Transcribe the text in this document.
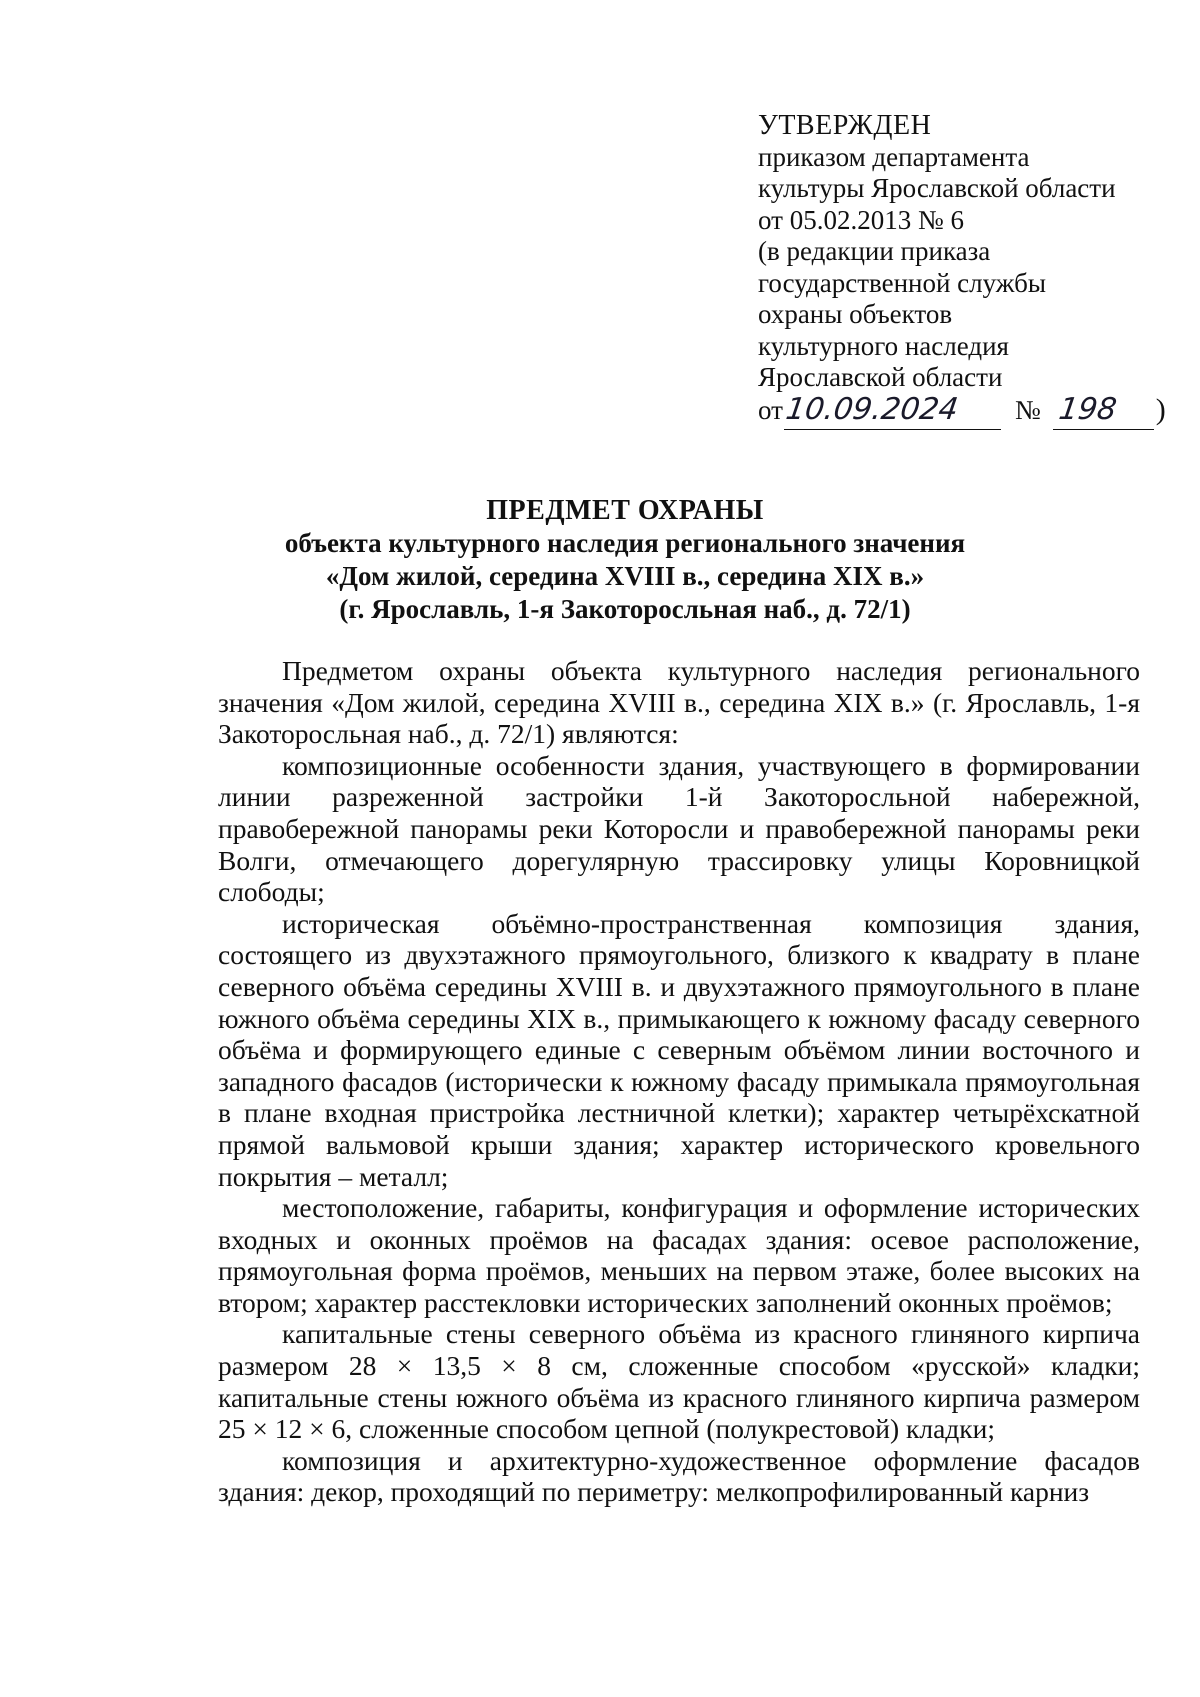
УТВЕРЖДЕН
приказом департамента
культуры Ярославской области
от 05.02.2013 № 6
(в редакции приказа
государственной службы
охраны объектов
культурного наследия
Ярославской области
от 10.09.2024	№ 198	)
ПРЕДМЕТ ОХРАНЫ
объекта культурного наследия регионального значения
«Дом жилой, середина XVIII в., середина XIX в.»
(г. Ярославль, 1-я Закоторосльная наб., д. 72/1)

Предметом охраны объекта культурного наследия регионального значения «Дом жилой, середина XVIII в., середина XIX в.» (г. Ярославль, 1-я Закоторосльная наб., д. 72/1) являются:

композиционные особенности здания, участвующего в формировании линии разреженной застройки 1-й Закоторосльной набережной, правобережной панорамы реки Которосли и правобережной панорамы реки Волги, отмечающего дорегулярную трассировку улицы Коровницкой слободы;

историческая объёмно-пространственная композиция здания, состоящего из двухэтажного прямоугольного, близкого к квадрату в плане северного объёма середины XVIII в. и двухэтажного прямоугольного в плане южного объёма середины XIX в., примыкающего к южному фасаду северного объёма и формирующего единые с северным объёмом линии восточного и западного фасадов (исторически к южному фасаду примыкала прямоугольная в плане входная пристройка лестничной клетки); характер четырёхскатной прямой вальмовой крыши здания; характер исторического кровельного покрытия – металл;

местоположение, габариты, конфигурация и оформление исторических входных и оконных проёмов на фасадах здания: осевое расположение, прямоугольная форма проёмов, меньших на первом этаже, более высоких на втором; характер расстекловки исторических заполнений оконных проёмов;

капитальные стены северного объёма из красного глиняного кирпича размером 28 × 13,5 × 8 см, сложенные способом «русской» кладки; капитальные стены южного объёма из красного глиняного кирпича размером 25 × 12 × 6, сложенные способом цепной (полукрестовой) кладки;

композиция и архитектурно-художественное оформление фасадов здания: декор, проходящий по периметру: мелкопрофилированный карниз
